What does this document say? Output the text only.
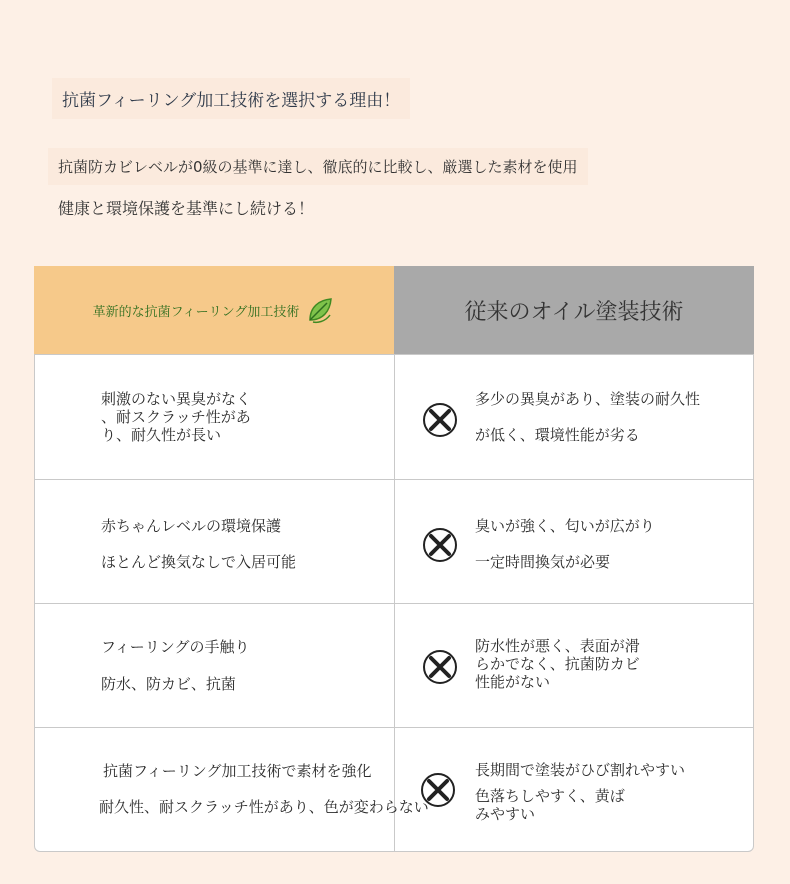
抗菌フィーリング加工技術を選択する理由！
抗菌防カビレベルが0級の基準に達し、徹底的に比較し、厳選した素材を使用
健康と環境保護を基準にし続ける！
革新的な抗菌フィーリング加工技術	従来のオイル塗装技術
刺激のない異臭がなく
、耐スクラッチ性があ
り、耐久性が長い
多少の異臭があり、塗装の耐久性
が低く、環境性能が劣る
赤ちゃんレベルの環境保護
ほとんど換気なしで入居可能
臭いが強く、匂いが広がり
一定時間換気が必要
フィーリングの手触り
防水、防カビ、抗菌
防水性が悪く、表面が滑
らかでなく、抗菌防カビ
性能がない
抗菌フィーリング加工技術で素材を強化
耐久性、耐スクラッチ性があり、色が変わらない
長期間で塗装がひび割れやすい
色落ちしやすく、黄ば
みやすい
